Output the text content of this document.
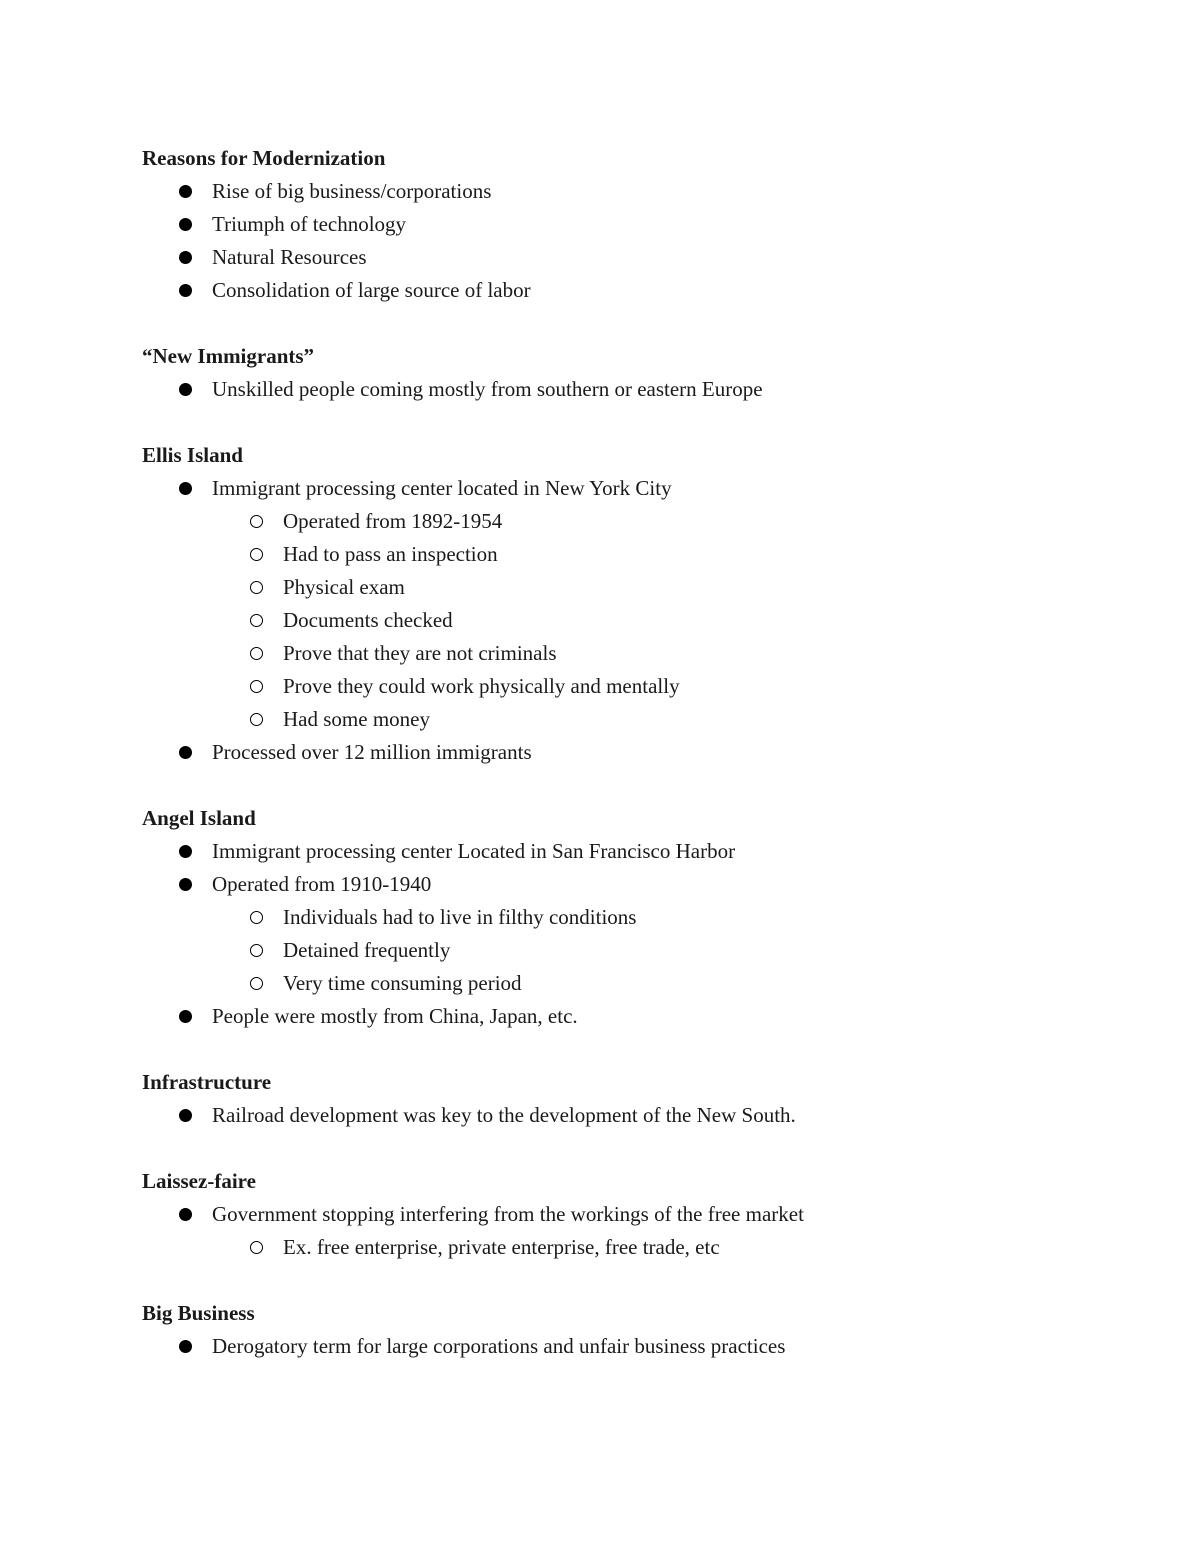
Reasons for Modernization
Rise of big business/corporations
Triumph of technology
Natural Resources
Consolidation of large source of labor
“New Immigrants”
Unskilled people coming mostly from southern or eastern Europe
Ellis Island
Immigrant processing center located in New York City
Operated from 1892-1954
Had to pass an inspection
Physical exam
Documents checked
Prove that they are not criminals
Prove they could work physically and mentally
Had some money
Processed over 12 million immigrants
Angel Island
Immigrant processing center Located in San Francisco Harbor
Operated from 1910-1940
Individuals had to live in filthy conditions
Detained frequently
Very time consuming period
People were mostly from China, Japan, etc.
Infrastructure
Railroad development was key to the development of the New South.
Laissez-faire
Government stopping interfering from the workings of the free market
Ex. free enterprise, private enterprise, free trade, etc
Big Business
Derogatory term for large corporations and unfair business practices
